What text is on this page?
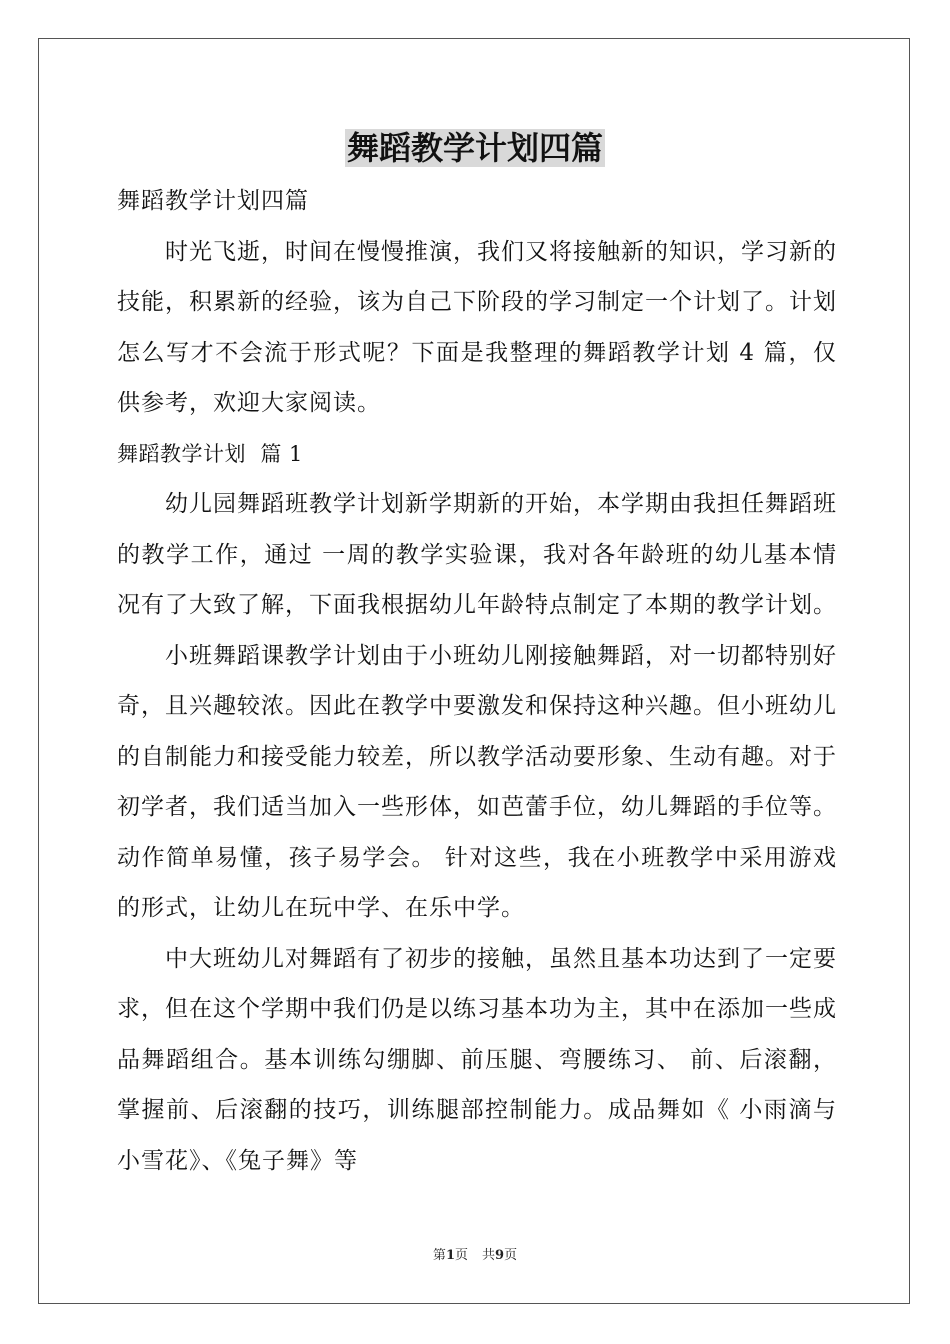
舞蹈教学计划四篇

舞蹈教学计划四篇

时光飞逝，时间在慢慢推演，我们又将接触新的知识，学习新的技能，积累新的经验，该为自己下阶段的学习制定一个计划了。计划怎么写才不会流于形式呢？下面是我整理的舞蹈教学计划 4 篇，仅供参考，欢迎大家阅读。

舞蹈教学计划  篇 1

幼儿园舞蹈班教学计划新学期新的开始，本学期由我担任舞蹈班的教学工作，通过 一周的教学实验课，我对各年龄班的幼儿基本情况有了大致了解，下面我根据幼儿年龄特点制定了本期的教学计划。

小班舞蹈课教学计划由于小班幼儿刚接触舞蹈，对一切都特别好奇，且兴趣较浓。因此在教学中要激发和保持这种兴趣。但小班幼儿的自制能力和接受能力较差，所以教学活动要形象、生动有趣。对于初学者，我们适当加入一些形体，如芭蕾手位，幼儿舞蹈的手位等。动作简单易懂，孩子易学会。 针对这些，我在小班教学中采用游戏的形式，让幼儿在玩中学、在乐中学。

中大班幼儿对舞蹈有了初步的接触，虽然且基本功达到了一定要求，但在这个学期中我们仍是以练习基本功为主，其中在添加一些成品舞蹈组合。基本训练勾绷脚、前压腿、弯腰练习、 前、后滚翻，掌握前、后滚翻的技巧，训练腿部控制能力。成品舞如《 小雨滴与小雪花》、《兔子舞》等

第1页 共9页
